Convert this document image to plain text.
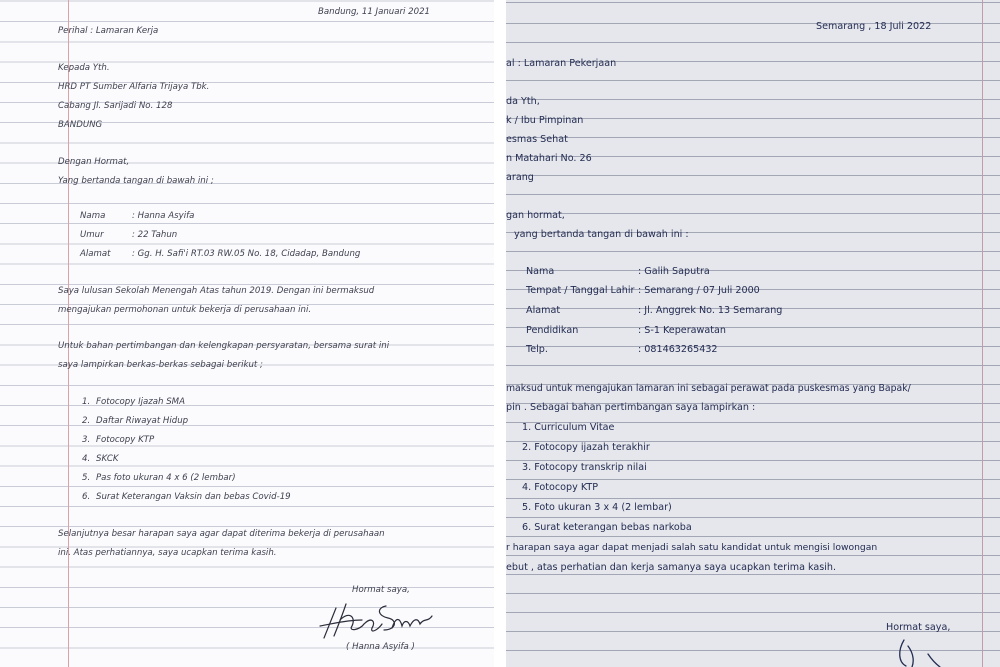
Bandung, 11 Januari 2021

Perihal : Lamaran Kerja

Kepada Yth.

HRD PT Sumber Alfaria Trijaya Tbk.

Cabang Jl. Sarijadi No. 128

BANDUNG

Dengan Hormat,

Yang bertanda tangan di bawah ini ;

Nama	: Hanna Asyifa

Umur	: 22 Tahun

Alamat : Gg. H. Safi'i RT.03 RW.05 No. 18, Cidadap, Bandung

Saya lulusan Sekolah Menengah Atas tahun 2019. Dengan ini bermaksud

mengajukan permohonan untuk bekerja di perusahaan ini.

Untuk bahan pertimbangan dan kelengkapan persyaratan, bersama surat ini

saya lampirkan berkas-berkas sebagai berikut ;

1. Fotocopy Ijazah SMA

2. Daftar Riwayat Hidup

3. Fotocopy KTP

4. SKCK

5. Pas foto ukuran 4 x 6 (2 lembar)

6. Surat Keterangan Vaksin dan bebas Covid-19

Selanjutnya besar harapan saya agar dapat diterima bekerja di perusahaan

ini. Atas perhatiannya, saya ucapkan terima kasih.

Hormat saya,

( Hanna Asyifa )

Semarang , 18 Juli 2022

al : Lamaran Pekerjaan

da Yth,

k / Ibu Pimpinan

esmas Sehat

n Matahari No. 26

arang

gan hormat,

yang bertanda tangan di bawah ini :

Nama	: Galih Saputra

Tempat / Tanggal Lahir : Semarang / 07 Juli 2000

Alamat	: Jl. Anggrek No. 13 Semarang

Pendidikan	: S-1 Keperawatan

Telp.	: 081463265432

maksud untuk mengajukan lamaran ini sebagai perawat pada puskesmas yang Bapak/

pin . Sebagai bahan pertimbangan saya lampirkan :

1. Curriculum Vitae

2. Fotocopy ijazah terakhir

3. Fotocopy transkrip nilai

4. Fotocopy KTP

5. Foto ukuran 3 x 4 (2 lembar)

6. Surat keterangan bebas narkoba

r harapan saya agar dapat menjadi salah satu kandidat untuk mengisi lowongan

ebut , atas perhatian dan kerja samanya saya ucapkan terima kasih.

Hormat saya,
